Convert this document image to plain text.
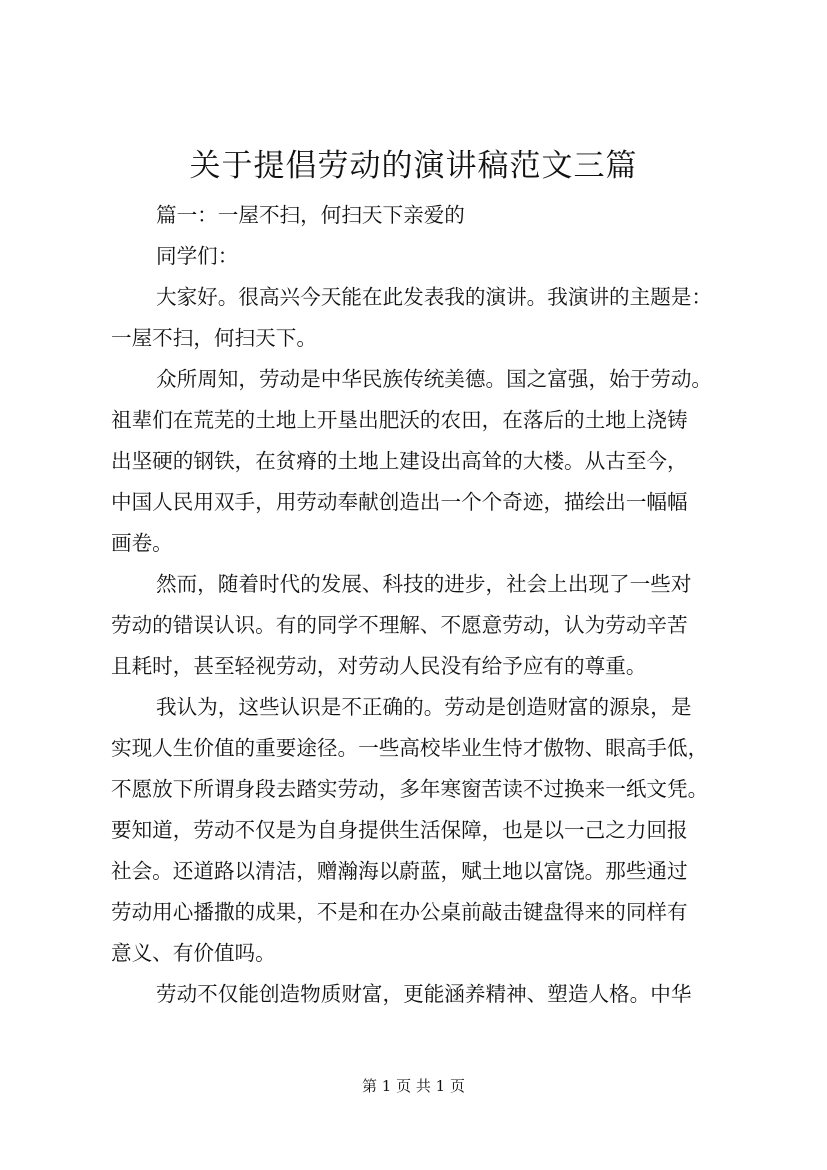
关于提倡劳动的演讲稿范文三篇
篇一：一屋不扫，何扫天下亲爱的
同学们：
大家好。很高兴今天能在此发表我的演讲。我演讲的主题是：
一屋不扫，何扫天下。
众所周知，劳动是中华民族传统美德。国之富强，始于劳动。
祖辈们在荒芜的土地上开垦出肥沃的农田，在落后的土地上浇铸
出坚硬的钢铁，在贫瘠的土地上建设出高耸的大楼。从古至今，
中国人民用双手，用劳动奉献创造出一个个奇迹，描绘出一幅幅
画卷。
然而，随着时代的发展、科技的进步，社会上出现了一些对
劳动的错误认识。有的同学不理解、不愿意劳动，认为劳动辛苦
且耗时，甚至轻视劳动，对劳动人民没有给予应有的尊重。
我认为，这些认识是不正确的。劳动是创造财富的源泉，是
实现人生价值的重要途径。一些高校毕业生恃才傲物、眼高手低，
不愿放下所谓身段去踏实劳动，多年寒窗苦读不过换来一纸文凭。
要知道，劳动不仅是为自身提供生活保障，也是以一己之力回报
社会。还道路以清洁，赠瀚海以蔚蓝，赋土地以富饶。那些通过
劳动用心播撒的成果，不是和在办公桌前敲击键盘得来的同样有
意义、有价值吗。
劳动不仅能创造物质财富，更能涵养精神、塑造人格。中华
第 1 页 共 1 页
